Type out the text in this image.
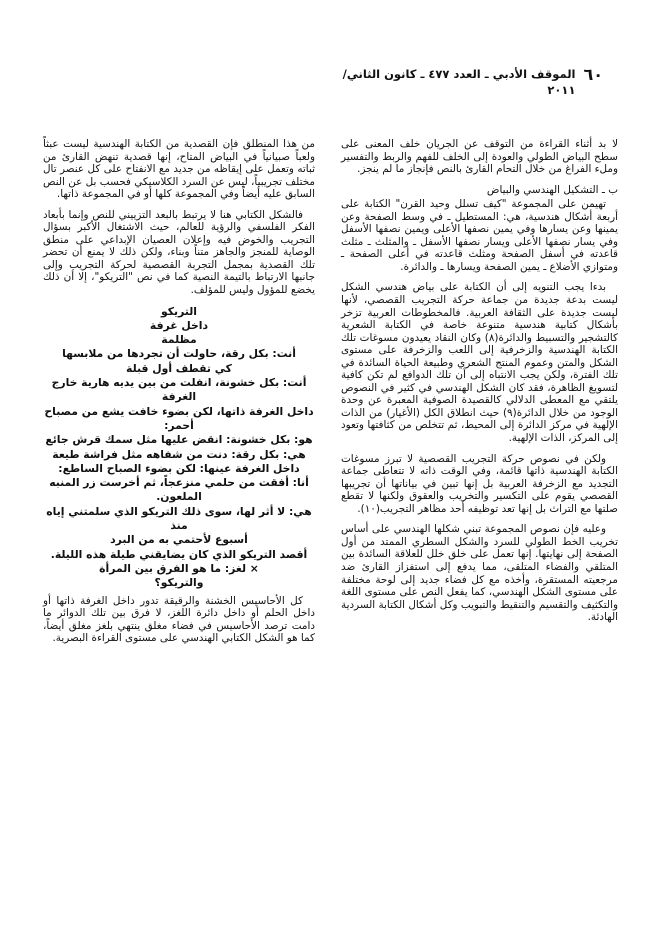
٦٠
الموقف الأدبي ـ العدد ٤٧٧ ـ كانون الثاني/
٢٠١١

لا بد أثناء القراءة من التوقف عن الجريان خلف المعنى على سطح البياض الطولي والعودة إلى الخلف للفهم والربط والتفسير وملء الفراغ من خلال التحام القارئ بالنص فإنجاز ما لم ينجز.

ب ـ التشكيل الهندسي والبياض

تهيمن على المجموعة "كيف تسلل وحيد القرن" الكتابة على أربعة أشكال هندسية، هي: المستطيل ـ في وسط الصفحة وعن يمينها وعن يسارها وفي يمين نصفها الأعلى ويمين نصفها الأسفل وفي يسار نصفها الأعلى ويسار نصفها الأسفل ـ والمثلث ـ مثلث قاعدته في أسفل الصفحة ومثلث قاعدته في أعلى الصفحة ـ ومتوازي الأضلاع ـ يمين الصفحة ويسارها ـ والدائرة.

بدءا يجب التنويه إلى أن الكتابة على بياض هندسي الشكل ليست بدعة جديدة من جماعة حركة التجريب القصصي، لأنها ليست جديدة على الثقافة العربية. فالمخطوطات العربية تزخر بأشكال كتابية هندسية متنوعة خاصة في الكتابة الشعرية كالتشجير والتسبيط والدائرة(٨) وكان النقاد يعيدون مسوغات تلك الكتابة الهندسية والزخرفية إلى اللعب والزخرفة على مستوى الشكل والمتن وعموم المنتج الشعري وطبيعة الحياة السائدة في تلك الفترة، ولكن يجب الانتباه إلى أن تلك الدوافع لم تكن كافية لتسويغ الظاهرة، فقد كان الشكل الهندسي في كثير في النصوص يلتقي مع المعطى الدلالي كالقصيدة الصوفية المعبرة عن وحدة الوجود من خلال الدائرة(٩) حيث انطلاق الكل (الأغيار) من الذات الإلهية في مركز الدائرة إلى المحيط، ثم تتخلص من كثافتها وتعود إلى المركز، الذات الإلهية.

ولكن في نصوص حركة التجريب القصصية لا تبرز مسوغات الكتابة الهندسية ذاتها قائمة، وفي الوقت ذاته لا تتعاطى جماعة التجديد مع الزخرفة العربية بل إنها تبين في بياناتها أن تجريبها القصصي يقوم على التكسير والتخريب والعقوق ولكنها لا تقطع صلتها مع التراث بل إنها تعد توظيفه أحد مظاهر التجريب(١٠).

وعليه فإن نصوص المجموعة تبني شكلها الهندسي على أساس تخريب الخط الطولي للسرد والشكل السطري الممتد من أول الصفحة إلى نهايتها. إنها تعمل على خلق خلل للعلاقة السائدة بين المتلقي والفضاء المتلقى، مما يدفع إلى استفزاز القارئ ضد مرجعيته المستقرة، وأخذه مع كل فضاء جديد إلى لوحة مختلفة على مستوى الشكل الهندسي، كما يفعل النص على مستوى اللغة والتكثيف والتقسيم والتنقيط والتبويب وكل أشكال الكتابة السردية الهادئة.

من هذا المنطلق فإن القصدية من الكتابة الهندسية ليست عبثاً ولعباً صبيانياً في البياض المتاح، إنها قصدية تنهض القارئ من ثباته وتعمل على إيقاظه من جديد مع الانفتاح على كل عنصر تال مختلف تجريبياً، ليس عن السرد الكلاسيكي فحسب بل عن النص السابق عليه أيضاً وفي المجموعة كلها أو في المجموعة ذاتها.

فالشكل الكتابي هنا لا يرتبط بالبعد التزييني للنص وإنما بأبعاد الفكر الفلسفي والرؤية للعالم، حيث الاشتغال الأكبر بسؤال التجريب والخوض فيه وإعلان العصيان الإبداعي على منطق الوصاية للمنجز والجاهز متناً وبناء، ولكن ذلك لا يمنع أن تحضر تلك القصدية بمجمل التجربة القصصية لحركة التجريب وإلى جانبها الارتباط بالتيمة النصية كما في نص "التريكو"، إلا أن ذلك يخضع للمؤول وليس للمؤلف.

التريكو
داخل غرفة
مظلمة
أنت: بكل رقة، حاولت أن تجردها من ملابسها
كي تقطف أول قبلة
أنت: بكل خشونة، انفلت من بين يديه هارية خارج الغرفة
داخل الغرفة ذاتها، لكن بضوء خافت يشع من مصباح أحمر:
هو: بكل خشونة: انقض عليها مثل سمك قرش جائع
هي: بكل رقة: دنت من شفاهه مثل فراشة طيعة
داخل الغرفة عينها: لكن بضوء الصباح الساطع:
أنا: أفقت من حلمي منزعجاً، ثم أخرست زر المنبه الملعون.
هي: لا أثر لها، سوى ذلك التريكو الذي سلمتني إياه منذ
أسبوع لأحتمي به من البرد
أقصد التريكو الذي كان يضايقني طيلة هذه الليلة.
× لغز: ما هو الفرق بين المرأة
والتريكو؟

كل الأحاسيس الخشنة والرقيقة تدور داخل الغرفة ذاتها أو داخل الحلم أو داخل دائرة اللغز، لا فرق بين تلك الدوائر ما دامت ترصد الأحاسيس في فضاء مغلق ينتهي بلغز مغلق أيضاً، كما هو الشكل الكتابي الهندسي على مستوى القراءة البصرية.
